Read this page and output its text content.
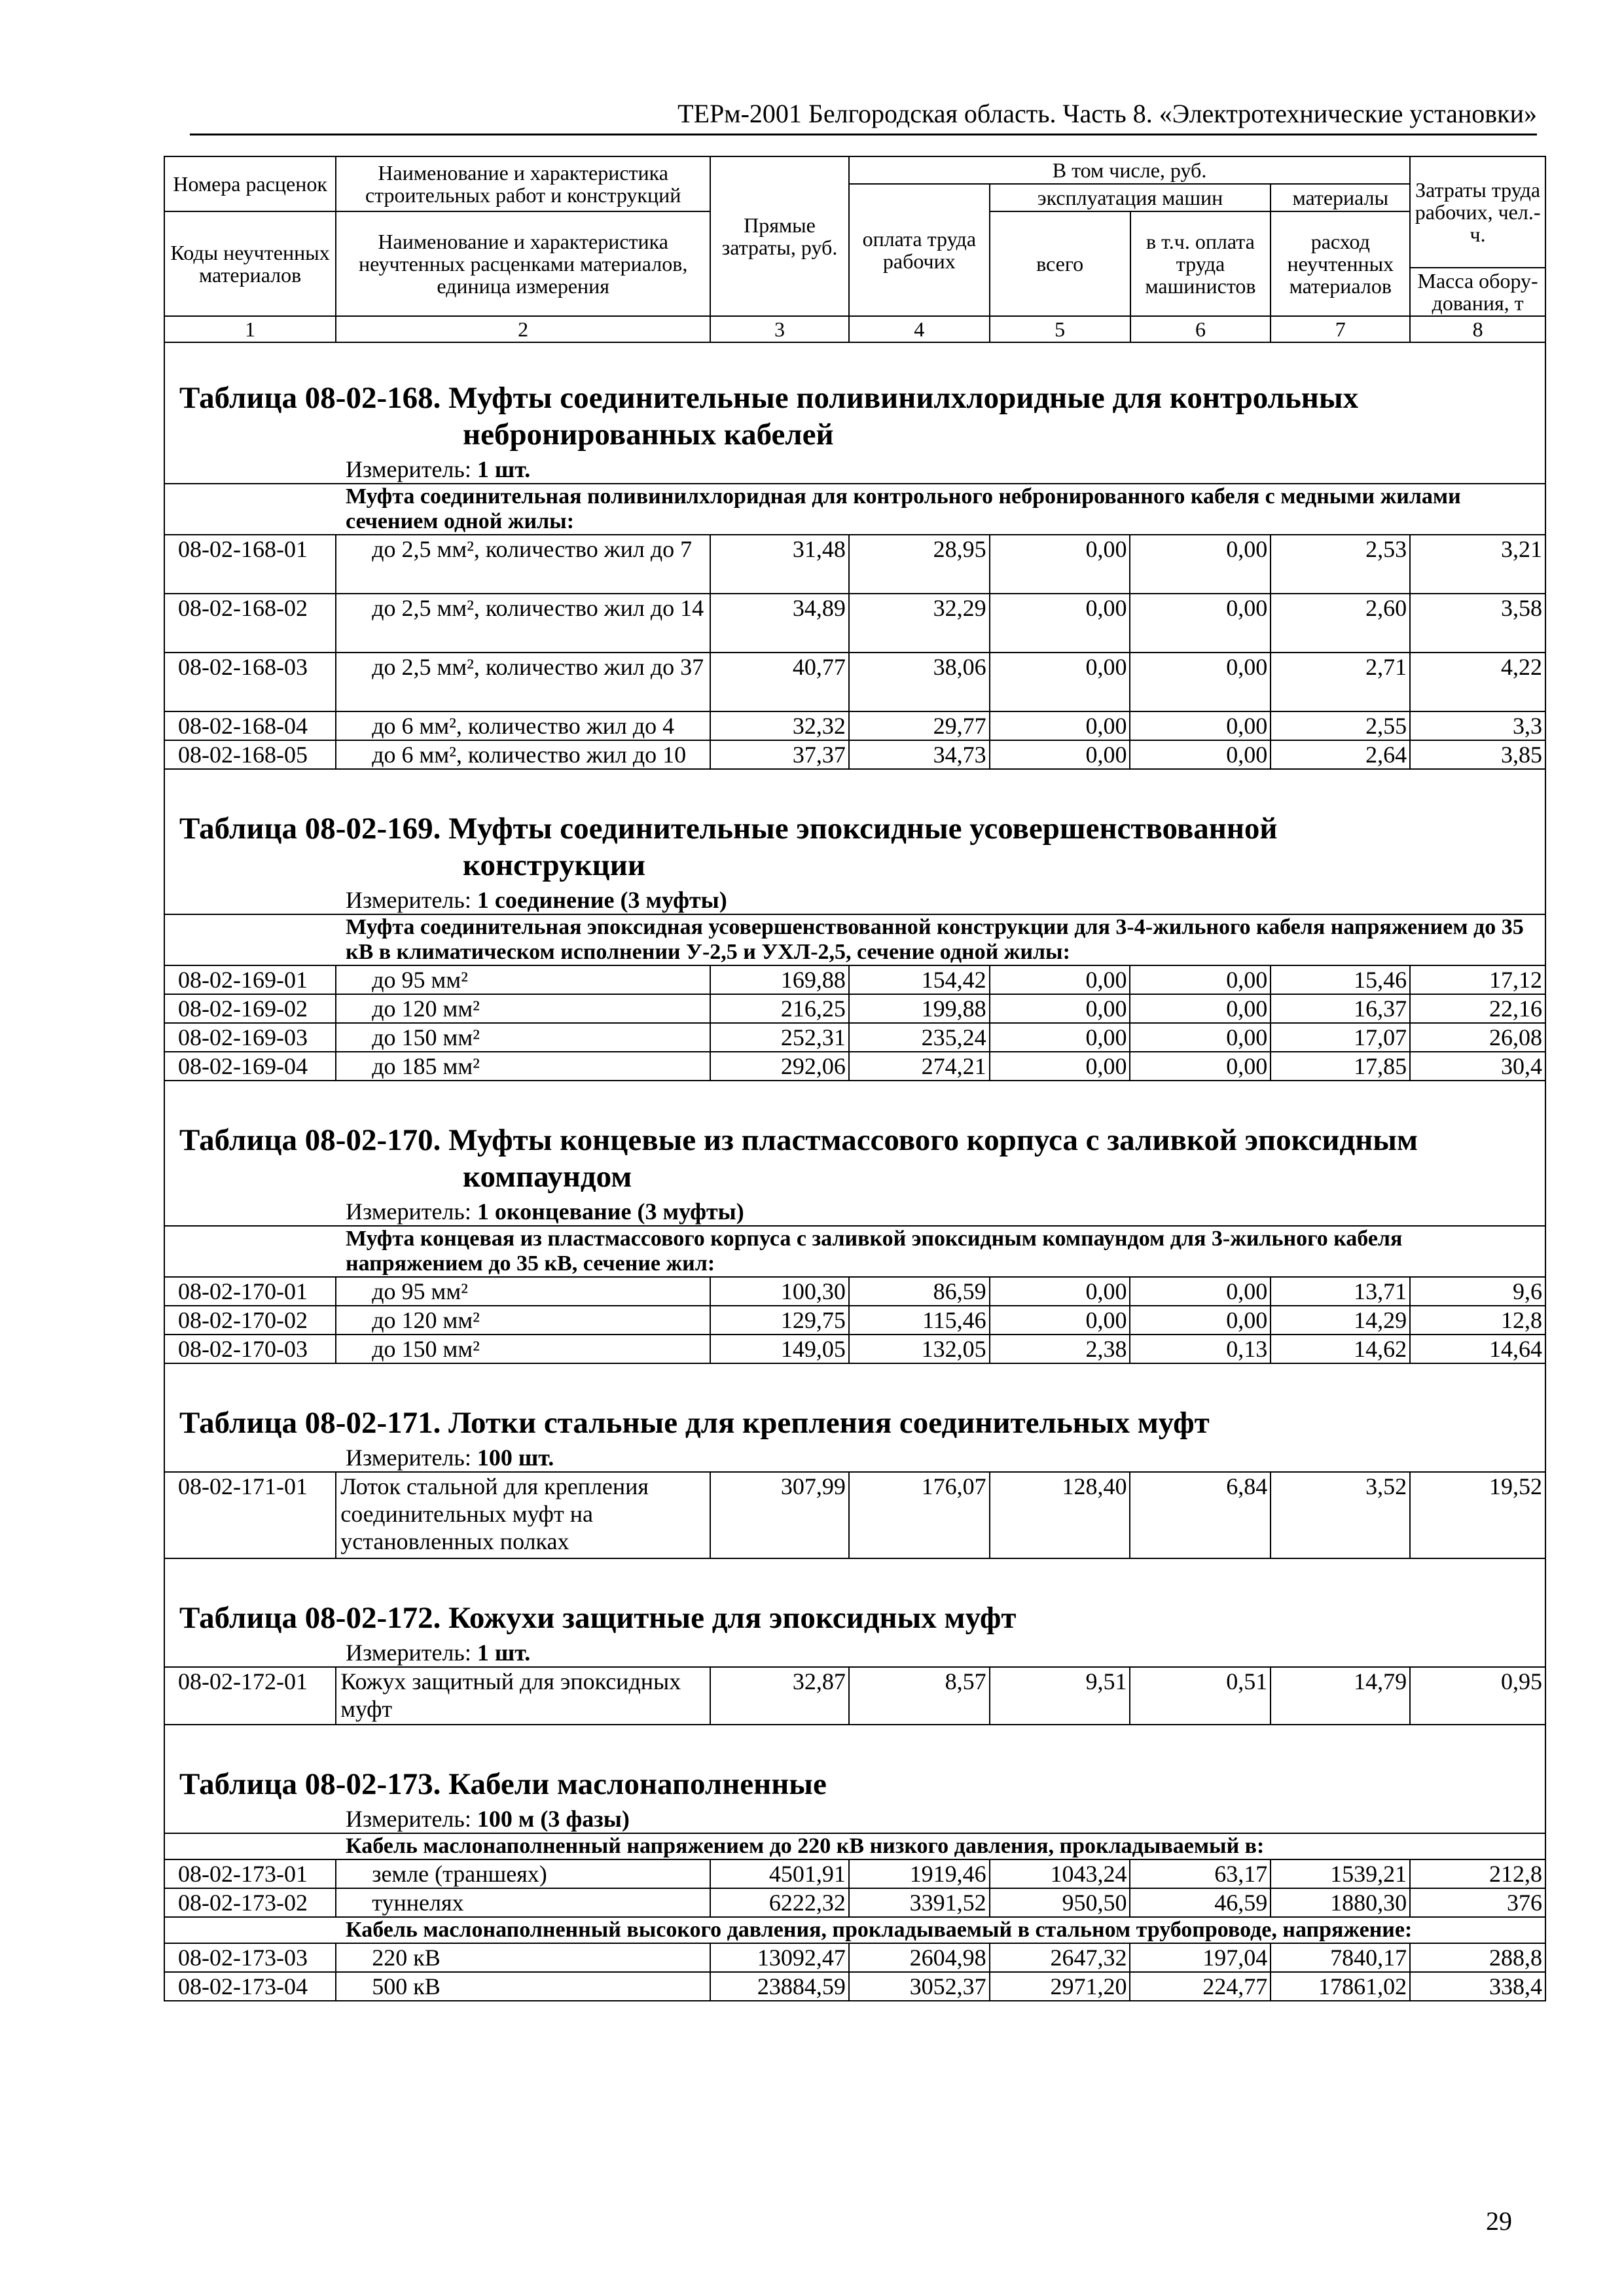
ТЕРм-2001 Белгородская область. Часть 8. «Электротехнические установки»
Номера расценок	Наименование и характеристика строительных работ и конструкций	Прямые затраты, руб.	В том числе, руб.				Затраты труда рабочих, чел.-ч.
			оплата труда рабочих	эксплуатация машин		материалы	
Коды неучтенных материалов	Наименование и характеристика неучтенных расценками материалов, единица измерения			всего	в т.ч. оплата труда машинистов	расход неучтенных материалов	
							Масса обору-дования, т
1	2	3	4	5	6	7	8
Таблица 08-02-168. Муфты соединительные поливинилхлоридные для контрольных
небронированных кабелей							

Измеритель: 1 шт.							
Муфта соединительная поливинилхлоридная для контрольного небронированного кабеля с медными жилами сечением одной жилы:							
08-02-168-01	до 2,5 мм², количество жил до 7	31,48	28,95	0,00	0,00	2,53	3,21
08-02-168-02	до 2,5 мм², количество жил до 14	34,89	32,29	0,00	0,00	2,60	3,58
08-02-168-03	до 2,5 мм², количество жил до 37	40,77	38,06	0,00	0,00	2,71	4,22
08-02-168-04	до 6 мм², количество жил до 4	32,32	29,77	0,00	0,00	2,55	3,3
08-02-168-05	до 6 мм², количество жил до 10	37,37	34,73	0,00	0,00	2,64	3,85
Таблица 08-02-169. Муфты соединительные эпоксидные усовершенствованной
конструкции							

Измеритель: 1 соединение (3 муфты)							
Муфта соединительная эпоксидная усовершенствованной конструкции для 3-4-жильного кабеля напряжением до 35 кВ в климатическом исполнении У-2,5 и УХЛ-2,5, сечение одной жилы:							
08-02-169-01	до 95 мм²	169,88	154,42	0,00	0,00	15,46	17,12
08-02-169-02	до 120 мм²	216,25	199,88	0,00	0,00	16,37	22,16
08-02-169-03	до 150 мм²	252,31	235,24	0,00	0,00	17,07	26,08
08-02-169-04	до 185 мм²	292,06	274,21	0,00	0,00	17,85	30,4
Таблица 08-02-170. Муфты концевые из пластмассового корпуса с заливкой эпоксидным
компаундом							

Измеритель: 1 оконцевание (3 муфты)							
Муфта концевая из пластмассового корпуса с заливкой эпоксидным компаундом для 3-жильного кабеля напряжением до 35 кВ, сечение жил:							
08-02-170-01	до 95 мм²	100,30	86,59	0,00	0,00	13,71	9,6
08-02-170-02	до 120 мм²	129,75	115,46	0,00	0,00	14,29	12,8
08-02-170-03	до 150 мм²	149,05	132,05	2,38	0,13	14,62	14,64
Таблица 08-02-171. Лотки стальные для крепления соединительных муфт							
Измеритель: 100 шт.							
08-02-171-01	Лоток стальной для крепления соединительных муфт на установленных полках	307,99	176,07	128,40	6,84	3,52	19,52
Таблица 08-02-172. Кожухи защитные для эпоксидных муфт							
Измеритель: 1 шт.							
08-02-172-01	Кожух защитный для эпоксидных муфт	32,87	8,57	9,51	0,51	14,79	0,95
Таблица 08-02-173. Кабели маслонаполненные							
Измеритель: 100 м (3 фазы)							
Кабель маслонаполненный напряжением до 220 кВ низкого давления, прокладываемый в:							
08-02-173-01	земле (траншеях)	4501,91	1919,46	1043,24	63,17	1539,21	212,8
08-02-173-02	туннелях	6222,32	3391,52	950,50	46,59	1880,30	376
Кабель маслонаполненный высокого давления, прокладываемый в стальном трубопроводе, напряжение:							
08-02-173-03	220 кВ	13092,47	2604,98	2647,32	197,04	7840,17	288,8
08-02-173-04	500 кВ	23884,59	3052,37	2971,20	224,77	17861,02	338,4
29
